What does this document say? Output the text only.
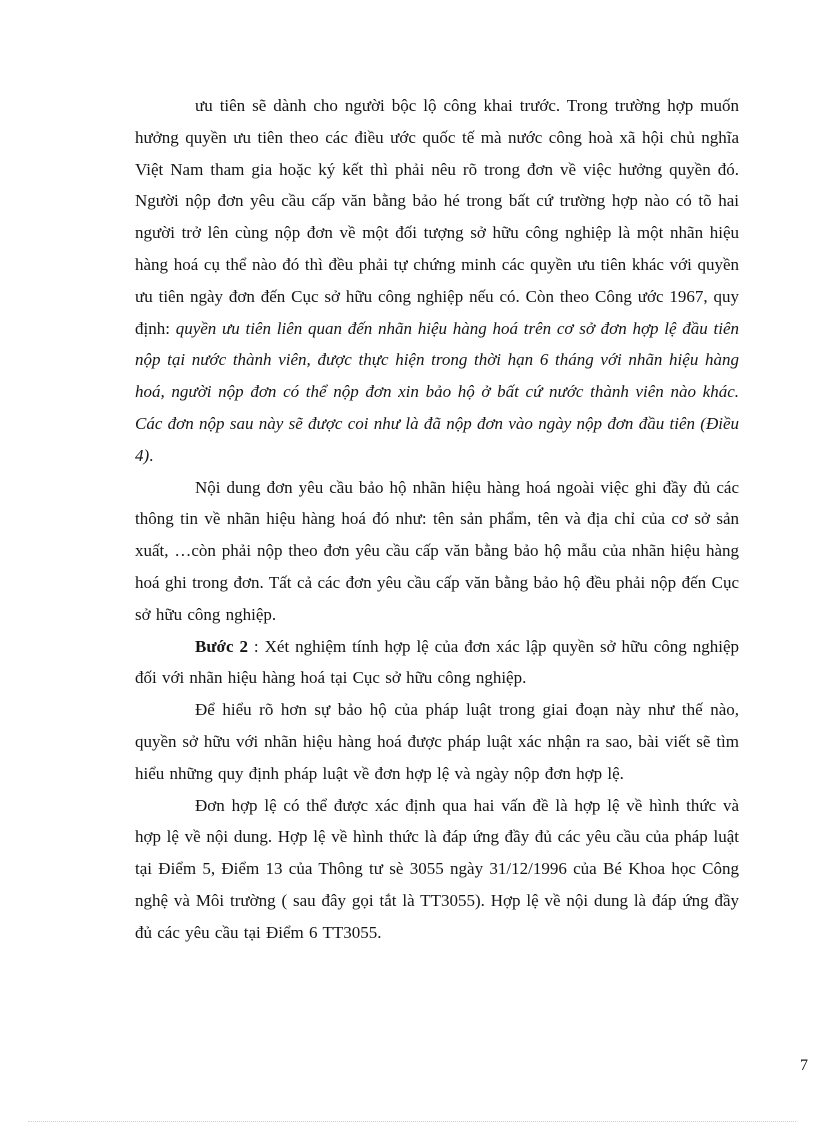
ưu tiên sẽ dành cho người bộc lộ công khai trước. Trong trường hợp muốn hưởng quyền ưu tiên theo các điều ước quốc tế mà nước công hoà xã hội chủ nghĩa Việt Nam tham gia hoặc ký kết thì phải nêu rõ trong đơn về việc hưởng quyền đó. Người nộp đơn yêu cầu cấp văn bằng bảo hé trong bất cứ trường hợp nào có tõ hai người trở lên cùng nộp đơn về một đối tượng sở hữu công nghiệp là một nhãn hiệu hàng hoá cụ thể nào đó thì đều phải tự chứng minh các quyền ưu tiên khác với quyền ưu tiên ngày đơn đến Cục sở hữu công nghiệp nếu có. Còn theo Công ước 1967, quy định: quyền ưu tiên liên quan đến nhãn hiệu hàng hoá trên cơ sở đơn hợp lệ đầu tiên nộp tại nước thành viên, được thực hiện trong thời hạn 6 tháng với nhãn hiệu hàng hoá, người nộp đơn có thể nộp đơn xin bảo hộ ở bất cứ nước thành viên nào khác. Các đơn nộp sau này sẽ được coi như là đã nộp đơn vào ngày nộp đơn đầu tiên (Điều 4).

Nội dung đơn yêu cầu bảo hộ nhãn hiệu hàng hoá ngoài việc ghi đầy đủ các thông tin về nhãn hiệu hàng hoá đó như: tên sản phẩm, tên và địa chỉ của cơ sở sản xuất, …còn phải nộp theo đơn yêu cầu cấp văn bằng bảo hộ mẫu của nhãn hiệu hàng hoá ghi trong đơn. Tất cả các đơn yêu cầu cấp văn bằng bảo hộ đều phải nộp đến Cục sở hữu công nghiệp.

Bước 2 : Xét nghiệm tính hợp lệ của đơn xác lập quyền sở hữu công nghiệp đối với nhãn hiệu hàng hoá tại Cục sở hữu công nghiệp.

Để hiểu rõ hơn sự bảo hộ của pháp luật trong giai đoạn này như thế nào, quyền sở hữu với nhãn hiệu hàng hoá được pháp luật xác nhận ra sao, bài viết sẽ tìm hiểu những quy định pháp luật về đơn hợp lệ và ngày nộp đơn hợp lệ.

Đơn hợp lệ có thể được xác định qua hai vấn đề là hợp lệ về hình thức và hợp lệ về nội dung. Hợp lệ về hình thức là đáp ứng đầy đủ các yêu cầu của pháp luật tại Điểm 5, Điểm 13 của Thông tư sè 3055 ngày 31/12/1996 của Bé Khoa học Công nghệ và Môi trường ( sau đây gọi tắt là TT3055). Hợp lệ về nội dung là đáp ứng đầy đủ các yêu cầu tại Điểm 6 TT3055.

7
